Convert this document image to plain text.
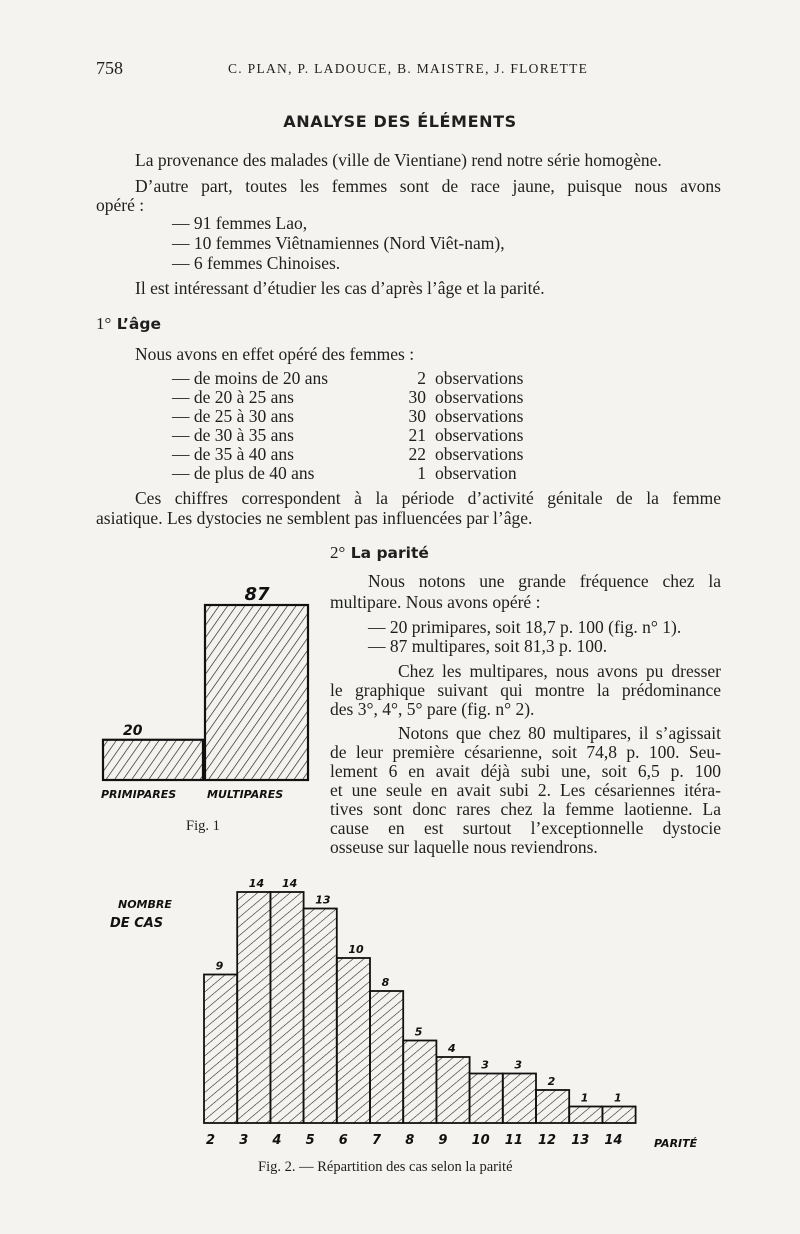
758	C. PLAN, P. LADOUCE, B. MAISTRE, J. FLORETTE
ANALYSE DES ÉLÉMENTS
La provenance des malades (ville de Vientiane) rend notre série homogène.
D’autre part, toutes les femmes sont de race jaune, puisque nous avons
opéré :
— 91 femmes Lao,
— 10 femmes Viêtnamiennes (Nord Viêt-nam),
— 6 femmes Chinoises.
Il est intéressant d’étudier les cas d’après l’âge et la parité.
1° L’âge
Nous avons en effet opéré des femmes :
— de moins de 20 ans	2 observations
— de 20 à 25 ans	30 observations
— de 25 à 30 ans	30 observations
— de 30 à 35 ans	21 observations
— de 35 à 40 ans	22 observations
— de plus de 40 ans	1 observation
Ces chiffres correspondent à la période d’activité génitale de la femme
asiatique. Les dystocies ne semblent pas influencées par l’âge.
2° La parité
Nous notons une grande fréquence chez la
multipare. Nous avons opéré :
— 20 primipares, soit 18,7 p. 100 (fig. n° 1).
— 87 multipares, soit 81,3 p. 100.
Chez les multipares, nous avons pu dresser
le graphique suivant qui montre la prédominance
des 3°, 4°, 5° pare (fig. n° 2).
Notons que chez 80 multipares, il s’agissait
de leur première césarienne, soit 74,8 p. 100. Seu-
lement 6 en avait déjà subi une, soit 6,5 p. 100
et une seule en avait subi 2. Les césariennes itéra-
tives sont donc rares chez la femme laotienne. La
cause en est surtout l’exceptionnelle dystocie
osseuse sur laquelle nous reviendrons.
20
PRIMIPARES
87
MULTIPARES
Fig. 1
NOMBRE
DE CAS
9
2
14
3
14
4
13
5
10
6
8
7
5
8
4
9
3
10
3
11
2
12
1
13
1
14	PARITÉ
Fig. 2. — Répartition des cas selon la parité
